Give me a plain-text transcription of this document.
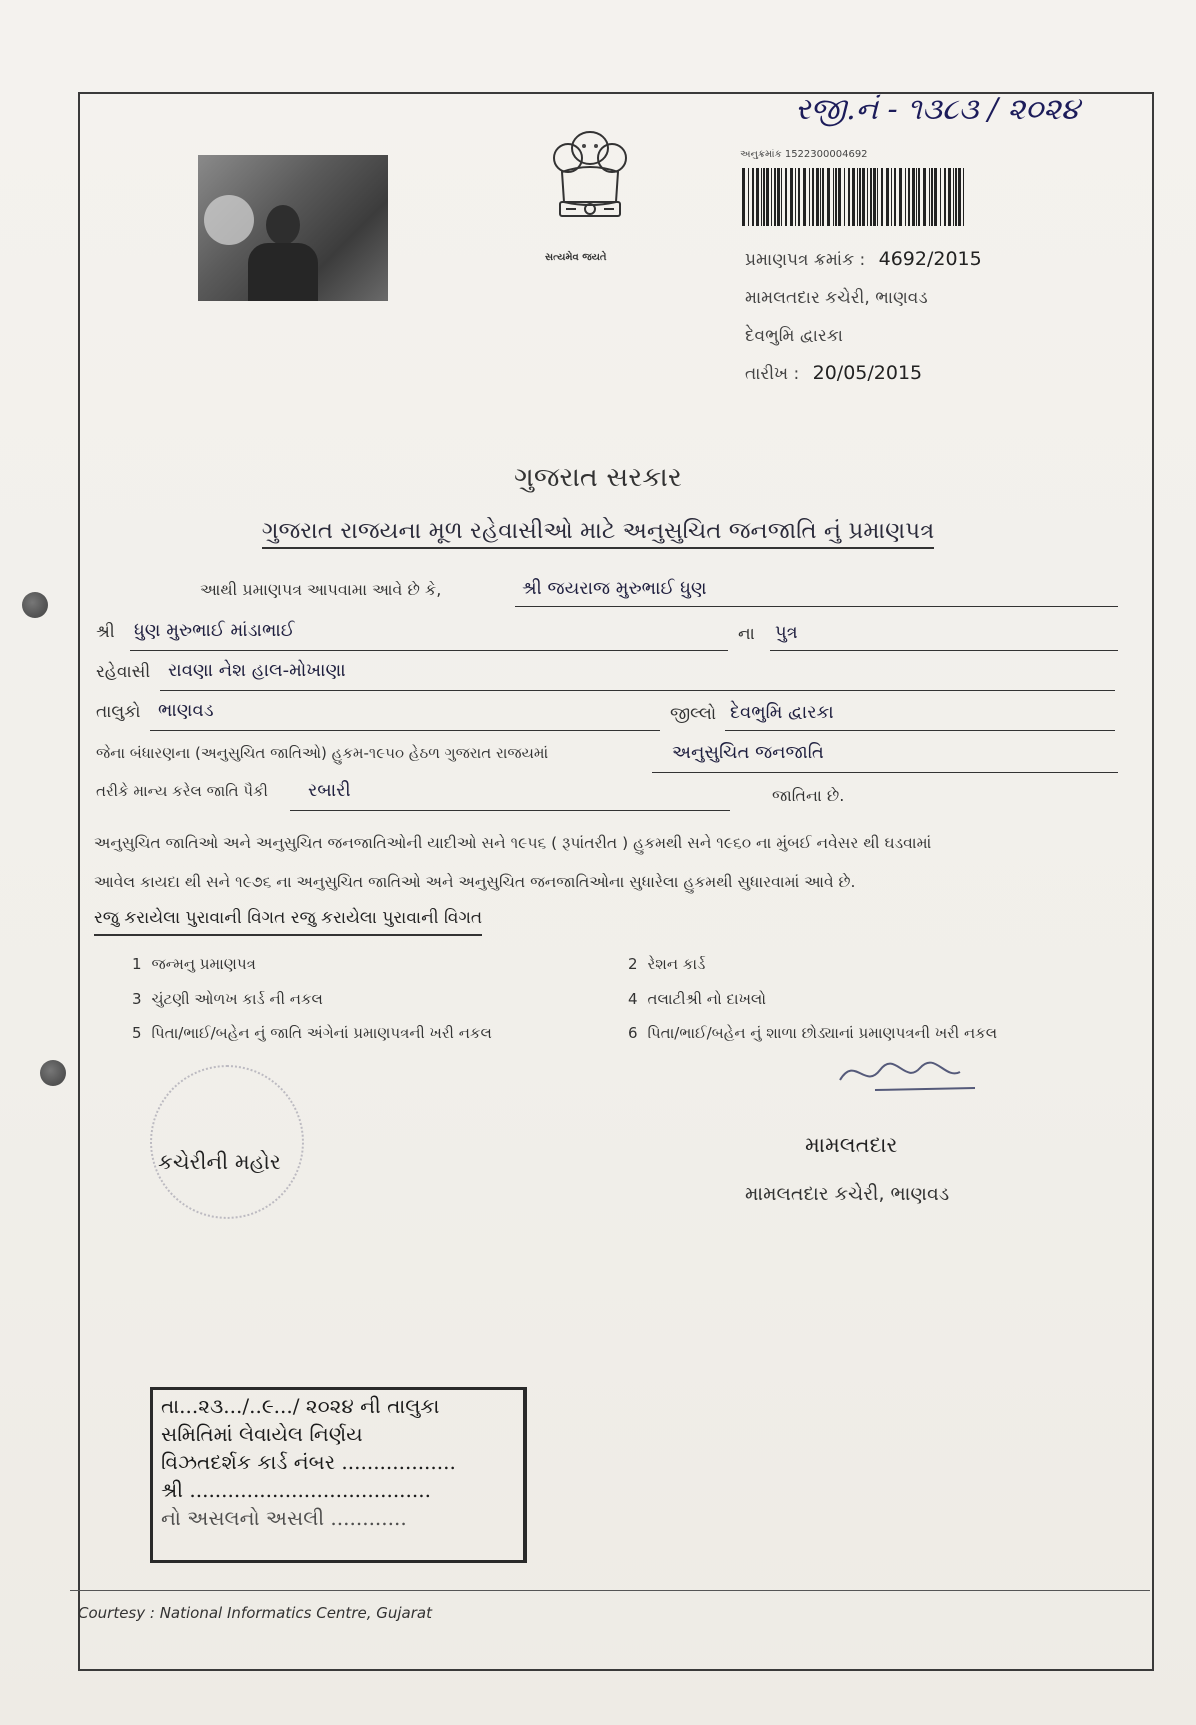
રજી.નં - ૧૩૮૩ / ૨૦૨૪
સત્યમેવ જયતે
અનુક્રમાંક 1522300004692
પ્રમાણપત્ર ક્રમાંક : 4692/2015
મામલતદાર કચેરી, ભાણવડ
દેવભુમિ દ્વારકા
તારીખ : 20/05/2015
ગુજરાત સરકાર
ગુજરાત રાજયના મૂળ રહેવાસીઓ માટે અનુસુચિત જનજાતિ નું પ્રમાણપત્ર
આથી પ્રમાણપત્ર આપવામા આવે છે કે,	શ્રી જયરાજ મુરુભાઈ ધુણ
શ્રી ધુણ મુરુભાઈ માંડાભાઈ	ના પુત્ર
રહેવાસી રાવણા નેશ હાલ-મોખાણા
તાલુકો ભાણવડ	જીલ્લો દેવભુમિ દ્વારકા
જેના બંધારણના (અનુસુચિત જાતિઓ) હુકમ-૧૯૫૦ હેઠળ ગુજરાત રાજયમાં	અનુસુચિત જનજાતિ
તરીકે માન્ય કરેલ જાતિ પૈકી રબારી	જાતિના છે.
અનુસુચિત જાતિઓ અને અનુસુચિત જનજાતિઓની યાદીઓ સને ૧૯૫૬ ( રૂપાંતરીત ) હુકમથી સને ૧૯૬૦ ના મુંબઈ નવેસર થી ઘડવામાં
આવેલ કાયદા થી સને ૧૯૭૬ ના અનુસુચિત જાતિઓ અને અનુસુચિત જનજાતિઓના સુધારેલા હુકમથી સુધારવામાં આવે છે.
રજુ કરાયેલા પુરાવાની વિગત રજુ કરાયેલા પુરાવાની વિગત
1 જન્મનુ પ્રમાણપત્ર	2 રેશન કાર્ડ
3 ચુંટણી ઓળખ કાર્ડ ની નકલ	4 તલાટીશ્રી નો દાખલો
5 પિતા/ભાઈ/બહેન નું જાતિ અંગેનાં પ્રમાણપત્રની ખરી નકલ	6 પિતા/ભાઈ/બહેન નું શાળા છોડ્યાનાં પ્રમાણપત્રની ખરી નકલ
મામલતદાર
મામલતદાર કચેરી, ભાણવડ
કચેરીની મહોર
તા...૨૩.../..૯.../ ૨૦૨૪ ની તાલુકા
સમિતિમાં લેવાયેલ નિર્ણય
વિઝતદર્શક કાર્ડ નંબર ..................
શ્રી ......................................
નો અસલનો અસલી ............
Courtesy : National Informatics Centre, Gujarat
